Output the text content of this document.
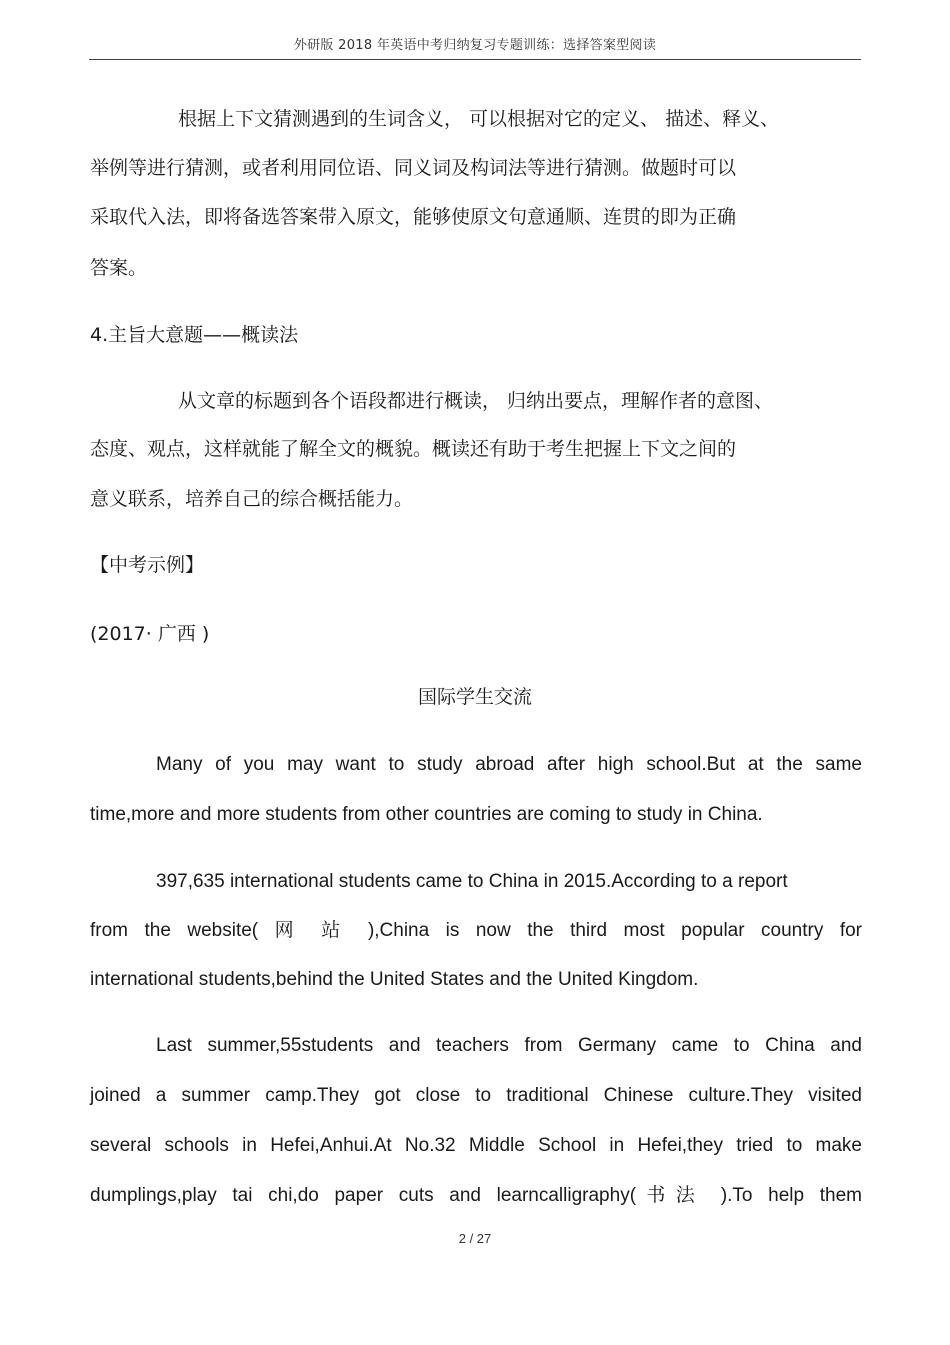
外研版 2018 年英语中考归纳复习专题训练：选择答案型阅读
根据上下文猜测遇到的生词含义， 可以根据对它的定义、 描述、释义、
举例等进行猜测，或者利用同位语、同义词及构词法等进行猜测。做题时可以
采取代入法，即将备选答案带入原文，能够使原文句意通顺、连贯的即为正确
答案。
4.主旨大意题——概读法
从文章的标题到各个语段都进行概读， 归纳出要点，理解作者的意图、
态度、观点，这样就能了解全文的概貌。概读还有助于考生把握上下文之间的
意义联系，培养自己的综合概括能力。
【中考示例】
(2017· 广西 )
国际学生交流
Many of you may want to study abroad after high school.But at the same
time,more and more students from other countries are coming to study in China.
397,635 international students came to China in 2015.According to a report
from the website( 网 站 ),China is now the third most popular country for
international students,behind the United States and the United Kingdom.
Last summer,55students and teachers from Germany came to China and
joined a summer camp.They got close to traditional Chinese culture.They visited
several schools in Hefei,Anhui.At No.32 Middle School in Hefei,they tried to make
dumplings,play tai chi,do paper cuts and learncalligraphy(书法 ).To help them
2 / 27
